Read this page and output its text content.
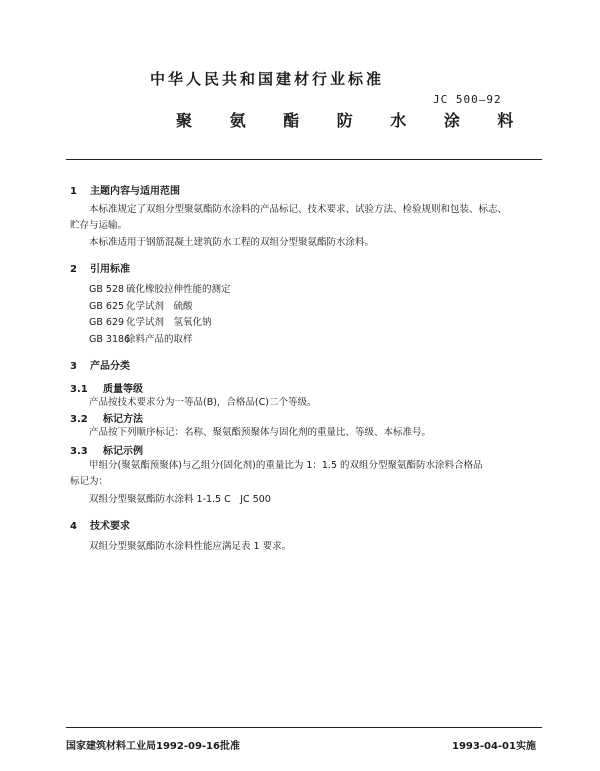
中华人民共和国建材行业标准
JC 500—92
聚 氨 酯 防 水 涂 料
1 主题内容与适用范围
本标准规定了双组分型聚氨酯防水涂料的产品标记、技术要求、试验方法、检验规则和包装、标志、
贮存与运输。
本标准适用于钢筋混凝土建筑防水工程的双组分型聚氨酯防水涂料。
2 引用标准
GB 528 硫化橡胶拉伸性能的测定
GB 625 化学试剂　硫酸
GB 629 化学试剂　氢氧化钠
GB 3186涂料产品的取样
3 产品分类
3.1 质量等级
产品按技术要求分为一等品(B)，合格品(C)二个等级。
3.2 标记方法
产品按下列顺序标记：名称、聚氨酯预聚体与固化剂的重量比、等级、本标准号。
3.3 标记示例
甲组分(聚氨酯预聚体)与乙组分(固化剂)的重量比为 1：1.5 的双组分型聚氨酯防水涂料合格品
标记为：
双组分型聚氨酯防水涂料 1-1.5 C　JC 500
4 技术要求
双组分型聚氨酯防水涂料性能应满足表 1 要求。
国家建筑材料工业局1992-09-16批准	1993-04-01实施
